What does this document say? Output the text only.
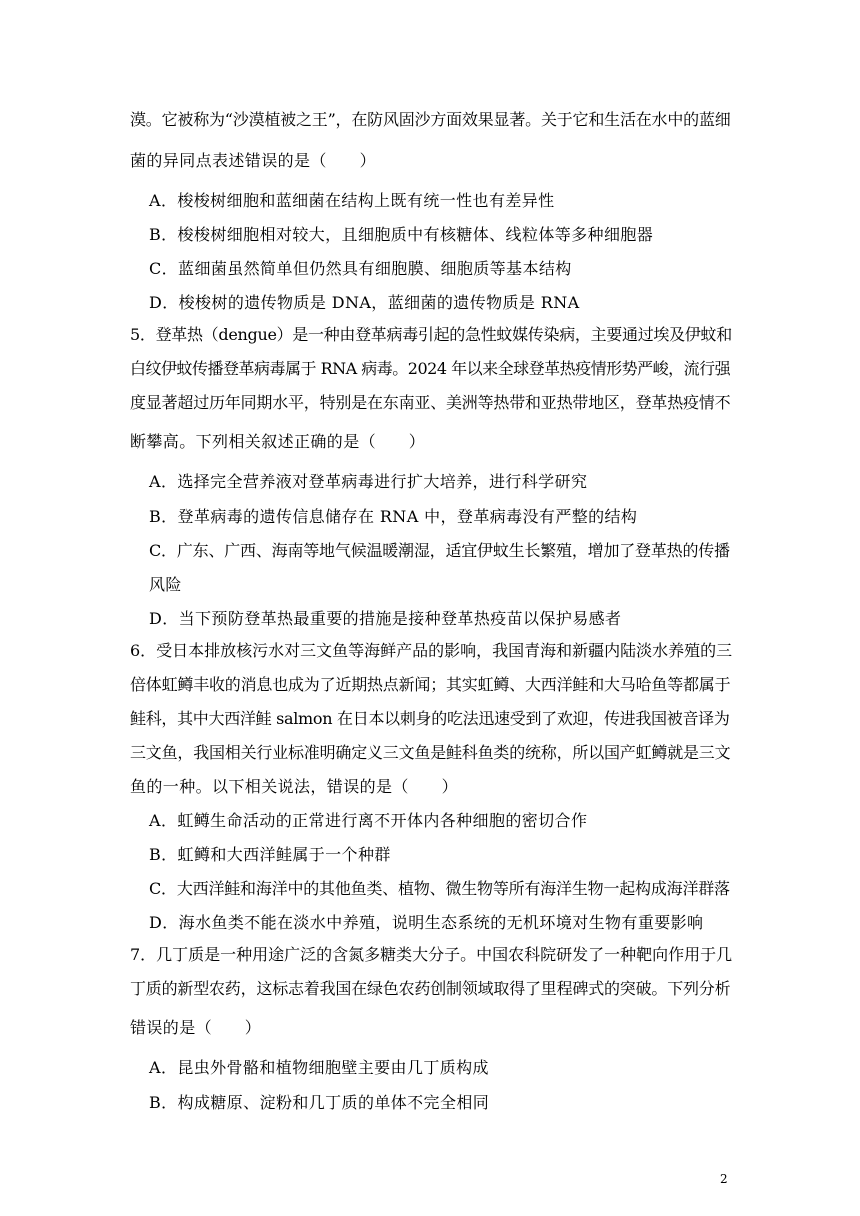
漠。它被称为“沙漠植被之王”，在防风固沙方面效果显著。关于它和生活在水中的蓝细
菌的异同点表述错误的是（　　）
A．梭梭树细胞和蓝细菌在结构上既有统一性也有差异性
B．梭梭树细胞相对较大，且细胞质中有核糖体、线粒体等多种细胞器
C．蓝细菌虽然简单但仍然具有细胞膜、细胞质等基本结构
D．梭梭树的遗传物质是 DNA，蓝细菌的遗传物质是 RNA
5．登革热（dengue）是一种由登革病毒引起的急性蚊媒传染病，主要通过埃及伊蚊和
白纹伊蚊传播登革病毒属于 RNA 病毒。2024 年以来全球登革热疫情形势严峻，流行强
度显著超过历年同期水平，特别是在东南亚、美洲等热带和亚热带地区，登革热疫情不
断攀高。下列相关叙述正确的是（　　）
A．选择完全营养液对登革病毒进行扩大培养，进行科学研究
B．登革病毒的遗传信息储存在 RNA 中，登革病毒没有严整的结构
C．广东、广西、海南等地气候温暖潮湿，适宜伊蚊生长繁殖，增加了登革热的传播
风险
D．当下预防登革热最重要的措施是接种登革热疫苗以保护易感者
6．受日本排放核污水对三文鱼等海鲜产品的影响，我国青海和新疆内陆淡水养殖的三
倍体虹鳟丰收的消息也成为了近期热点新闻；其实虹鳟、大西洋鲑和大马哈鱼等都属于
鲑科，其中大西洋鲑 salmon 在日本以刺身的吃法迅速受到了欢迎，传进我国被音译为
三文鱼，我国相关行业标准明确定义三文鱼是鲑科鱼类的统称，所以国产虹鳟就是三文
鱼的一种。以下相关说法，错误的是（　　）
A．虹鳟生命活动的正常进行离不开体内各种细胞的密切合作
B．虹鳟和大西洋鲑属于一个种群
C．大西洋鲑和海洋中的其他鱼类、植物、微生物等所有海洋生物一起构成海洋群落
D．海水鱼类不能在淡水中养殖，说明生态系统的无机环境对生物有重要影响
7．几丁质是一种用途广泛的含氮多糖类大分子。中国农科院研发了一种靶向作用于几
丁质的新型农药，这标志着我国在绿色农药创制领域取得了里程碑式的突破。下列分析
错误的是（　　）
A．昆虫外骨骼和植物细胞壁主要由几丁质构成
B．构成糖原、淀粉和几丁质的单体不完全相同
2
